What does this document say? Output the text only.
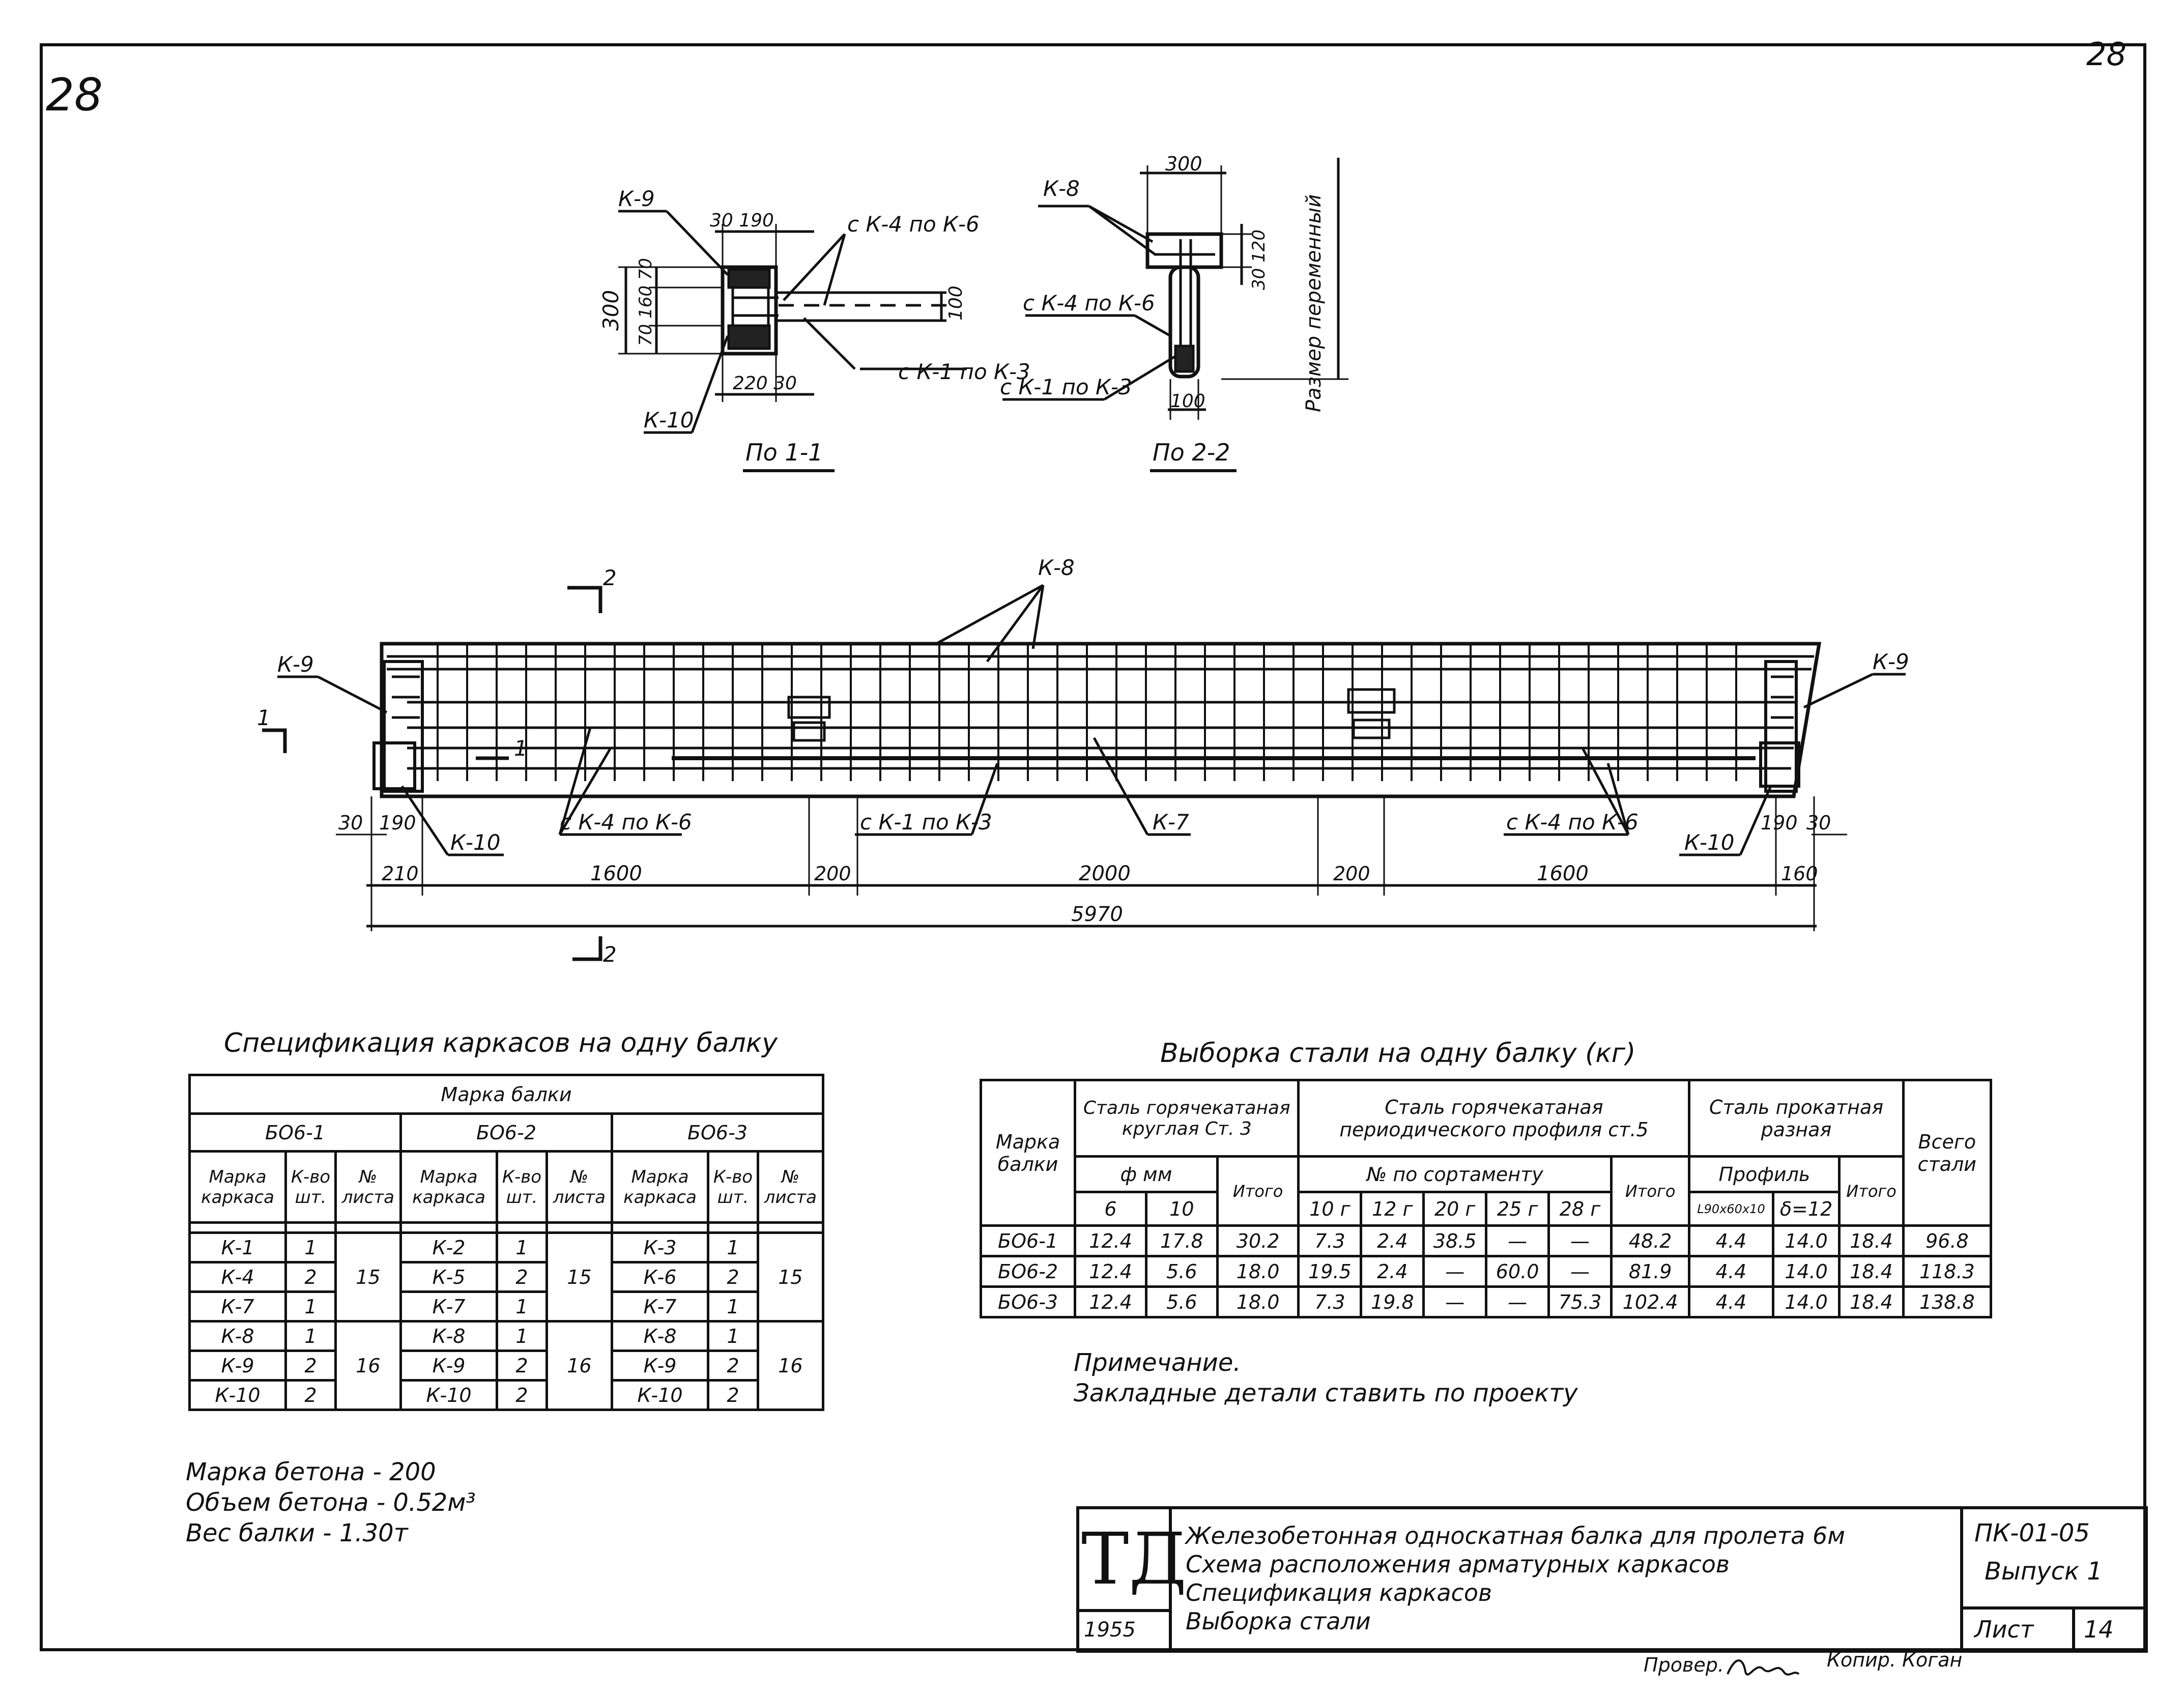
28
28
К-9
30 190	с К-4 по К-6
с К-1 по К-3
К-10
220 30
По 1-1
300 70 160 70	100
К-8
300
с К-4 по К-6
с К-1 по К-3
100
По 2-2
30 120 Размер переменный
К-8
К-9	К-9
2
2
1
1
с К-4 по К-6	с К-1 по К-3	К-7	с К-4 по К-6
К-10	К-10
30 190	190 30
210	1600	200	2000	200	1600	160
5970
Спецификация каркасов на одну балку
Марка балки								
БО6-1			БО6-2			БО6-3		
Марка каркаса	К-во шт.	№ листа	Марка каркаса	К-во шт.	№ листа	Марка каркаса	К-во шт.	№ листа

К-1	1	15	К-2	1	15	К-3	1	15
К-4	2		К-5	2		К-6	2	
К-7	1		К-7	1		К-7	1	
К-8	1	16	К-8	1	16	К-8	1	16
К-9	2		К-9	2		К-9	2	
К-10	2		К-10	2		К-10	2	
Выборка стали на одну балку (кг)
Марка балки	Сталь горячекатаная круглая Ст. 3			Сталь горячекатаная периодического профиля ст.5						Сталь прокатная разная			Всего стали
	ф мм		Итого	№ по сортаменту					Итого	Профиль		Итого	
	6	10		10 г	12 г	20 г	25 г	28 г		L90x60x10	δ=12		
БО6-1	12.4	17.8	30.2	7.3	2.4	38.5	—	—	48.2	4.4	14.0	18.4	96.8
БО6-2	12.4	5.6	18.0	19.5	2.4	—	60.0	—	81.9	4.4	14.0	18.4	118.3
БО6-3	12.4	5.6	18.0	7.3	19.8	—	—	75.3	102.4	4.4	14.0	18.4	138.8
Примечание.
Закладные детали ставить по проекту
Марка бетона - 200
Объем бетона - 0.52м³
Вес балки - 1.30т	ТД
1955
Железобетонная односкатная балка для пролета 6м
Схема расположения арматурных каркасов
Спецификация каркасов
Выборка стали
ПК-01-05
Выпуск 1
Лист 14
Провер.	Копир. Коган
